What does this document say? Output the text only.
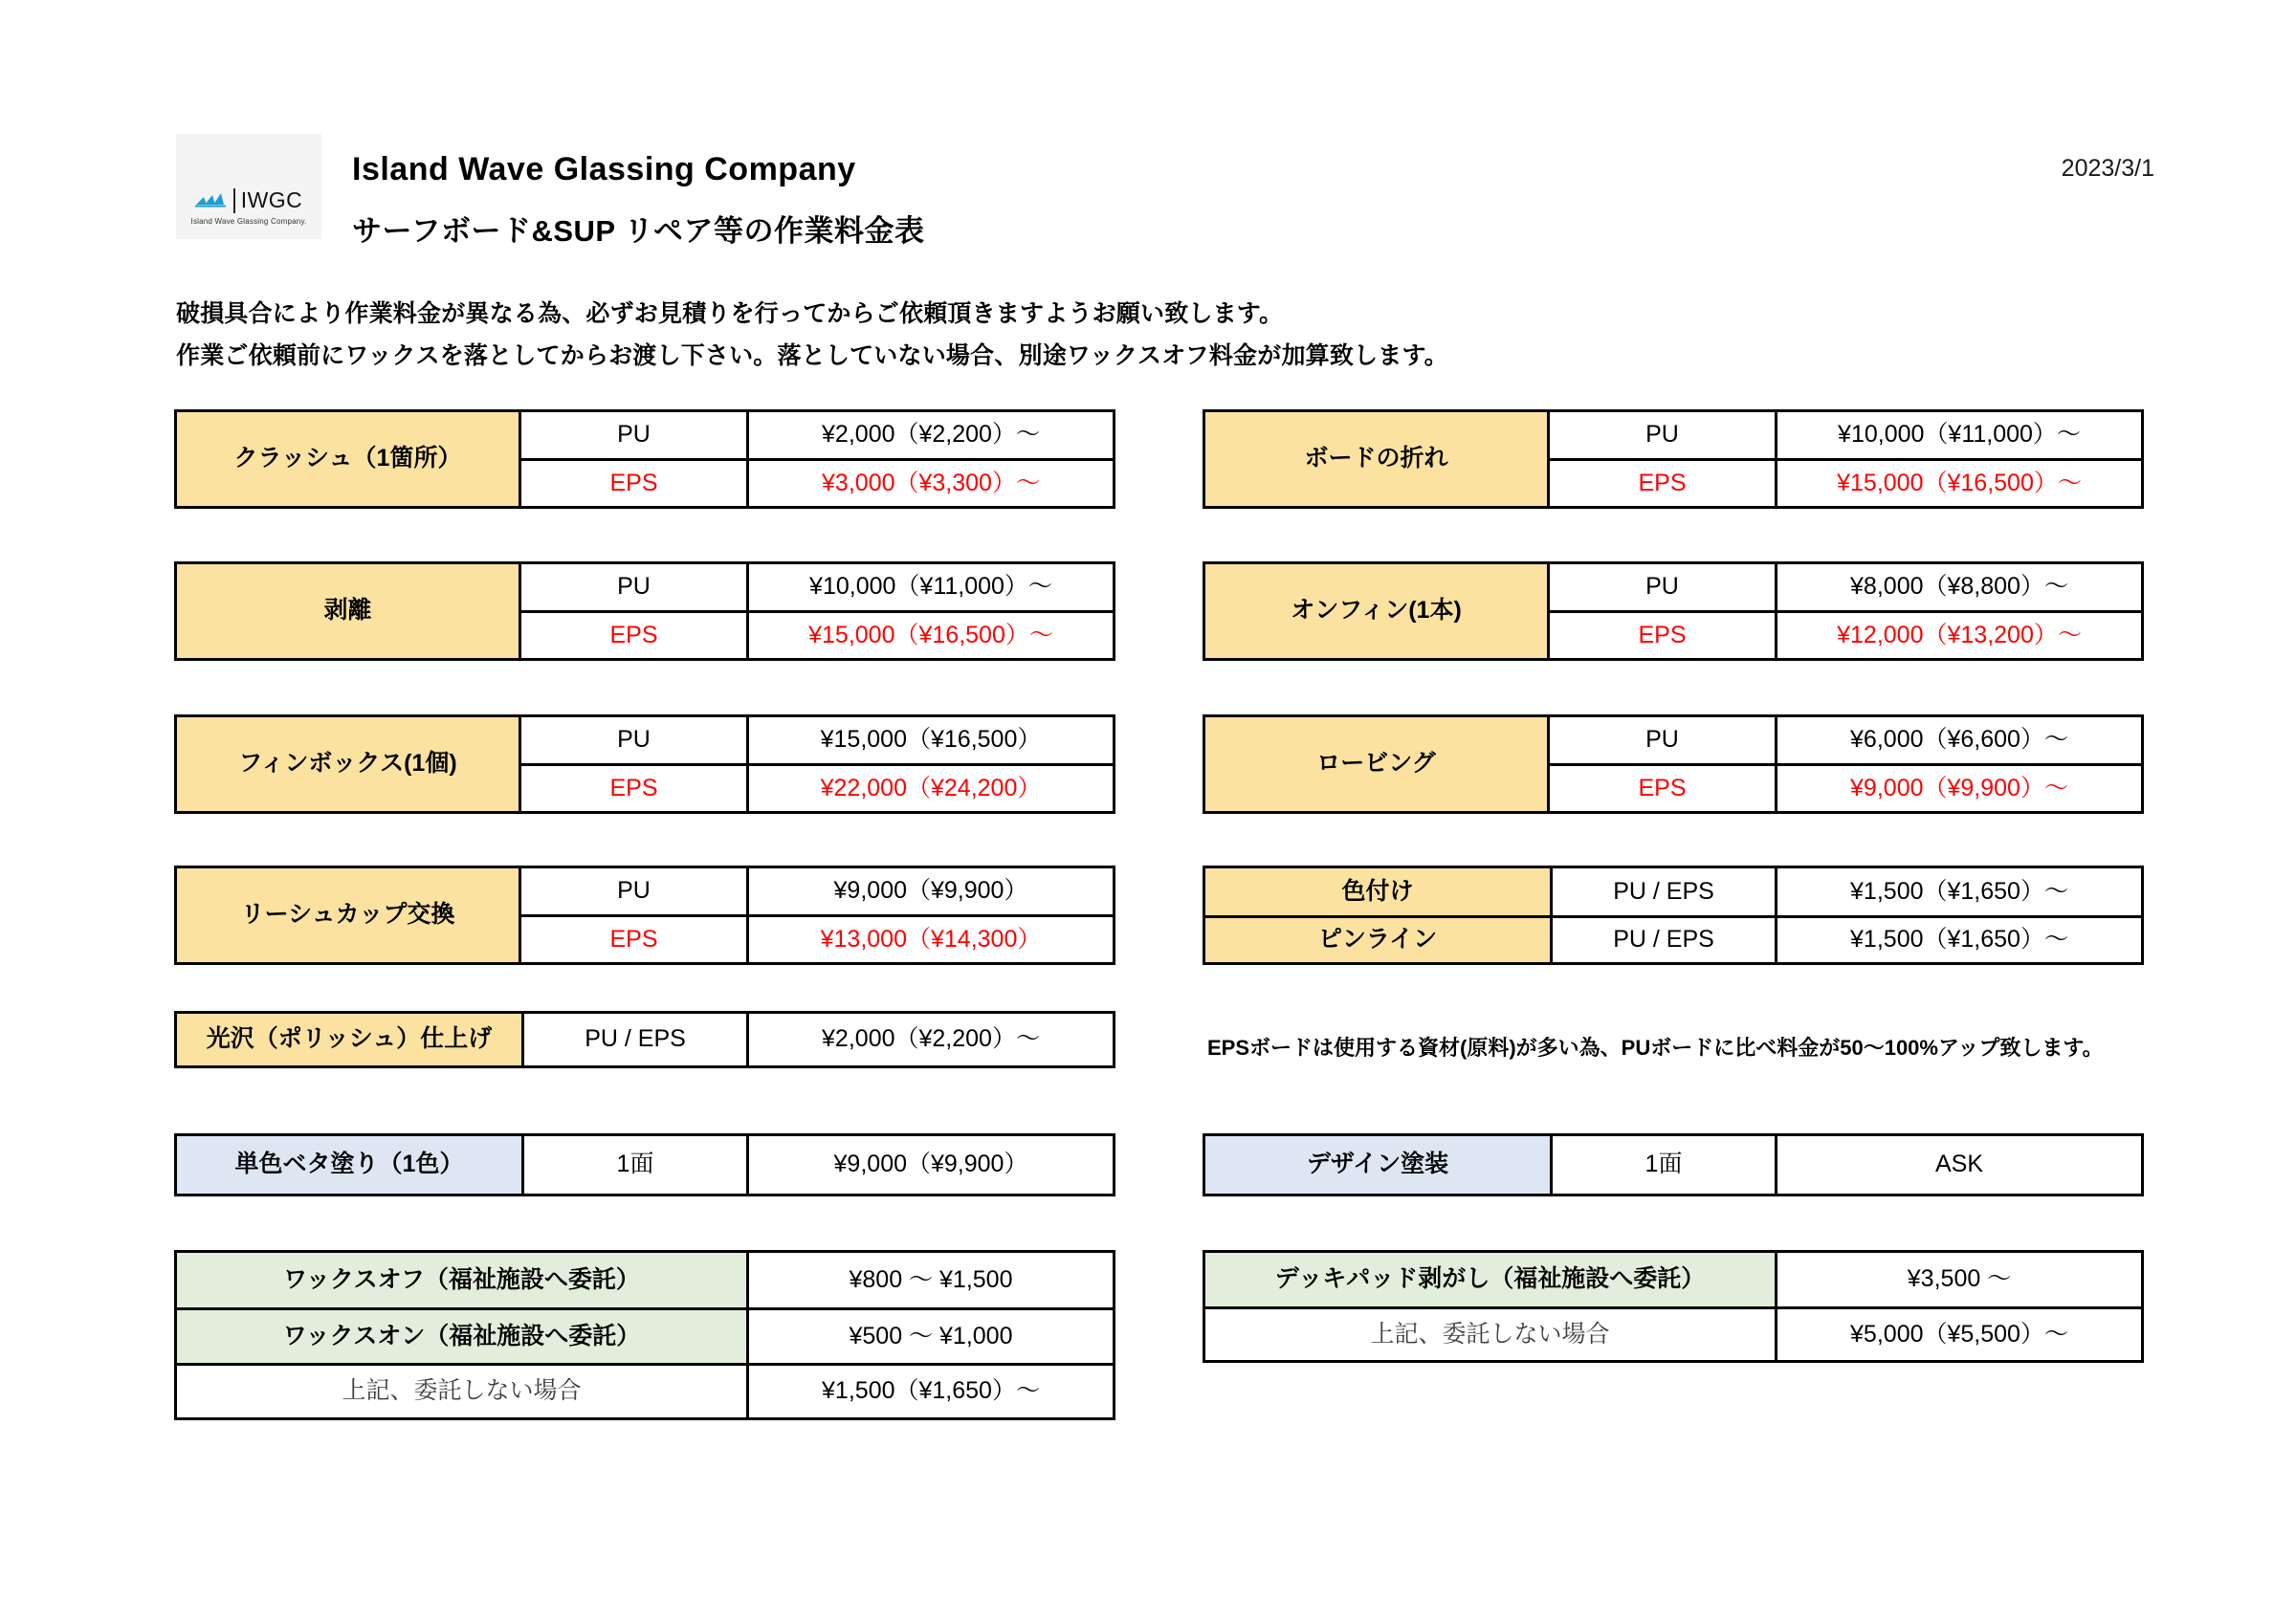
IWGC
Island Wave Glassing Company.
Island Wave Glassing Company
サーフボード&SUP リペア等の作業料金表
2023/3/1
破損具合により作業料金が異なる為、必ずお見積りを行ってからご依頼頂きますようお願い致します。
作業ご依頼前にワックスを落としてからお渡し下さい。落としていない場合、別途ワックスオフ料金が加算致します。
クラッシュ（1箇所）
PU	¥2,000（¥2,200）～
EPS	¥3,000（¥3,300）～
剥離
PU	¥10,000（¥11,000）～
EPS	¥15,000（¥16,500）～
フィンボックス(1個)
PU	¥15,000（¥16,500）
EPS	¥22,000（¥24,200）
リーシュカップ交換
PU	¥9,000（¥9,900）
EPS	¥13,000（¥14,300）
光沢（ポリッシュ）仕上げ	PU / EPS	¥2,000（¥2,200）～
単色ベタ塗り（1色）	1面	¥9,000（¥9,900）
ワックスオフ（福祉施設へ委託）	¥800 ～ ¥1,500
ワックスオン（福祉施設へ委託）	¥500 ～ ¥1,000
上記、委託しない場合	¥1,500（¥1,650）～
ボードの折れ
PU	¥10,000（¥11,000）～
EPS	¥15,000（¥16,500）～
オンフィン(1本)
PU	¥8,000（¥8,800）～
EPS	¥12,000（¥13,200）～
ロービング
PU	¥6,000（¥6,600）～
EPS	¥9,000（¥9,900）～
色付け	PU / EPS	¥1,500（¥1,650）～
ピンライン	PU / EPS	¥1,500（¥1,650）～
EPSボードは使用する資材(原料)が多い為、PUボードに比べ料金が50～100%アップ致します。
デザイン塗装	1面	ASK
デッキパッド剥がし（福祉施設へ委託）	¥3,500 ～
上記、委託しない場合	¥5,000（¥5,500）～
